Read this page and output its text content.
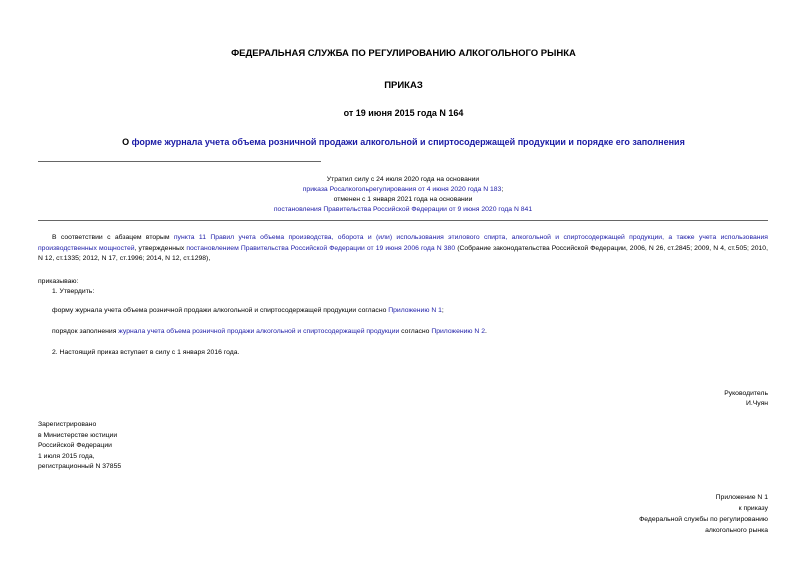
ФЕДЕРАЛЬНАЯ СЛУЖБА ПО РЕГУЛИРОВАНИЮ АЛКОГОЛЬНОГО РЫНКА
ПРИКАЗ
от 19 июня 2015 года N 164
О форме журнала учета объема розничной продажи алкогольной и спиртосодержащей продукции и порядке его заполнения
Утратил силу с 24 июля 2020 года на основании
приказа Росалкогольрегулирования от 4 июня 2020 года N 183;
отменен с 1 января 2021 года на основании
постановления Правительства Российской Федерации от 9 июня 2020 года N 841
В соответствии с абзацем вторым пункта 11 Правил учета объема производства, оборота и (или) использования этилового спирта, алкогольной и спиртосодержащей продукции, а также учета использования производственных мощностей, утвержденных постановлением Правительства Российской Федерации от 19 июня 2006 года N 380 (Собрание законодательства Российской Федерации, 2006, N 26, ст.2845; 2009, N 4, ст.505; 2010, N 12, ст.1335; 2012, N 17, ст.1996; 2014, N 12, ст.1298),
приказываю:
1. Утвердить:
форму журнала учета объема розничной продажи алкогольной и спиртосодержащей продукции согласно Приложению N 1;
порядок заполнения журнала учета объема розничной продажи алкогольной и спиртосодержащей продукции согласно Приложению N 2.
2. Настоящий приказ вступает в силу с 1 января 2016 года.
Руководитель
И.Чуян
Зарегистрировано
в Министерстве юстиции
Российской Федерации
1 июля 2015 года,
регистрационный N 37855
Приложение N 1
к приказу
Федеральной службы по регулированию
алкогольного рынка
